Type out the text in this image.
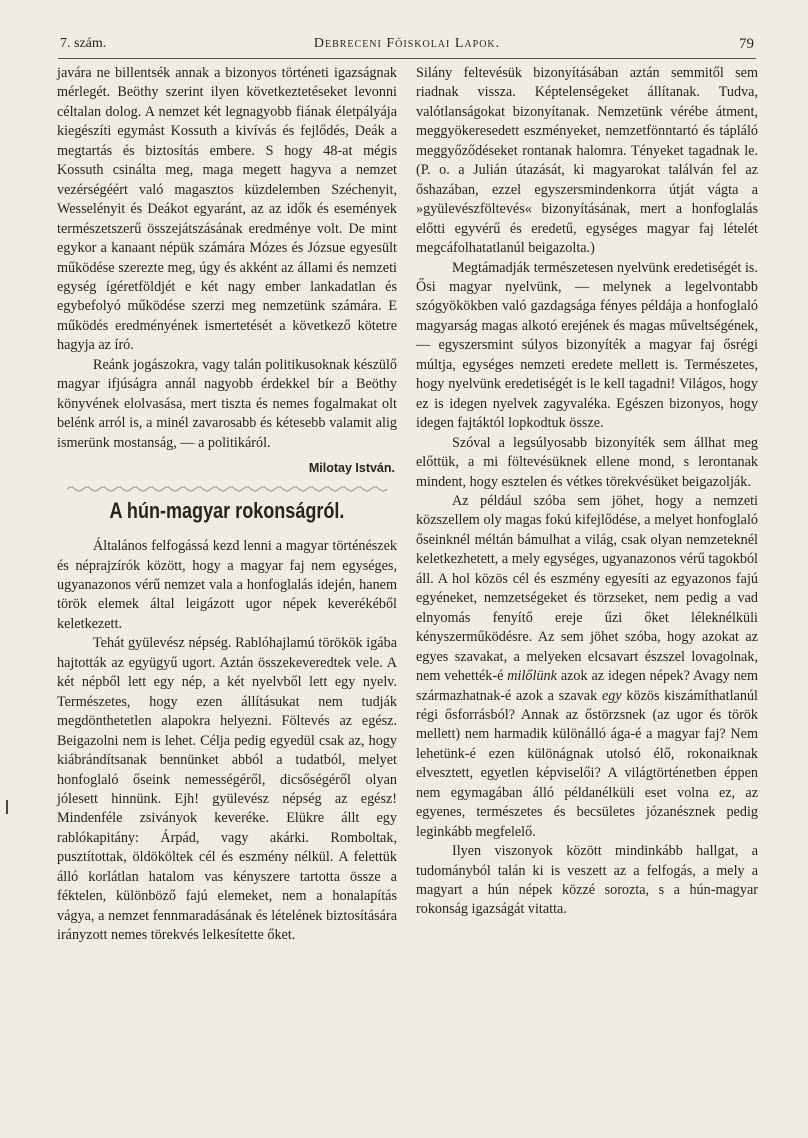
7. szám.	Debreceni Főiskolai Lapok.	79

javára ne billentsék annak a bizonyos történeti igazságnak mérlegét. Beöthy szerint ilyen következtetéseket levonni céltalan dolog. A nemzet két legnagyobb fiának életpályája kiegészíti egymást Kossuth a kivívás és fejlődés, Deák a megtartás és biztosítás embere. S hogy 48-at mégis Kossuth csinálta meg, maga megett hagyva a nemzet vezérségéért való magasztos küzdelemben Széchenyit, Wesselényit és Deákot egyaránt, az az idők és események természetszerű összejátszásának eredménye volt. De mint egykor a kanaant népük számára Mózes és Józsue egyesült működése szerezte meg, úgy és akként az állami és nemzeti egység ígéretföldjét e két nagy ember lankadatlan és egybefolyó működése szerzi meg nemzetünk számára. E működés eredményének ismertetését a következő kötetre hagyja az író.

Reánk jogászokra, vagy talán politikusoknak készülő magyar ifjúságra annál nagyobb érdekkel bír a Beöthy könyvének elolvasása, mert tiszta és nemes fogalmakat olt belénk arról is, a minél zavarosabb és kétesebb valamit alig ismerünk mostanság, — a politikáról.

Milotay István.
A hún-magyar rokonságról.

Általános felfogássá kezd lenni a magyar történészek és néprajzírók között, hogy a magyar faj nem egységes, ugyanazonos vérű nemzet vala a honfoglalás idején, hanem török elemek által leigázott ugor népek keverékéből keletkezett.

Tehát gyülevész népség. Rablóhajlamú törökök igába hajtották az együgyű ugort. Aztán összekeveredtek vele. A két népből lett egy nép, a két nyelvből lett egy nyelv. Természetes, hogy ezen állításukat nem tudják megdönthetetlen alapokra helyezni. Föltevés az egész. Beigazolni nem is lehet. Célja pedig egyedül csak az, hogy kiábrándítsanak bennünket abból a tudatból, melyet honfoglaló őseink nemességéről, dicsőségéről olyan jólesett hinnünk. Ejh! gyülevész népség az egész! Mindenféle zsiványok keveréke. Elükre állt egy rablókapitány: Árpád, vagy akárki. Romboltak, pusztítottak, öldököltek cél és eszmény nélkül. A felettük álló korlátlan hatalom vas kényszere tartotta össze a féktelen, különböző fajú elemeket, nem a honalapítás vágya, a nemzet fennmaradásának és lételének biztosítására irányzott nemes törekvés lelkesítette őket.

Silány feltevésük bizonyításában aztán semmitől sem riadnak vissza. Képtelenségeket állítanak. Tudva, valótlanságokat bizonyítanak. Nemzetünk vérébe átment, meggyökeresedett eszményeket, nemzetfönntartó és tápláló meggyőződéseket rontanak halomra. Tényeket tagadnak le. (P. o. a Julián útazását, ki magyarokat találván fel az őshazában, ezzel egyszersmindenkorra útját vágta a »gyülevészföltevés« bizonyításának, mert a honfoglalás előtti egyvérű és eredetű, egységes magyar faj lételét megcáfolhatatlanúl beigazolta.)

Megtámadják természetesen nyelvünk eredetiségét is. Ősi magyar nyelvünk, — melynek a legelvontabb szógyökökben való gazdagsága fényes példája a honfoglaló magyarság magas alkotó erejének és magas műveltségének, — egyszersmint súlyos bizonyíték a magyar faj ősrégi múltja, egységes nemzeti eredete mellett is. Természetes, hogy nyelvünk eredetiségét is le kell tagadni! Világos, hogy ez is idegen nyelvek zagyvaléka. Egészen bizonyos, hogy idegen fajtáktól lopkodtuk össze.

Szóval a legsúlyosabb bizonyíték sem állhat meg előttük, a mi föltevésüknek ellene mond, s lerontanak mindent, hogy esztelen és vétkes törekvésüket beigazolják.

Az például szóba sem jöhet, hogy a nemzeti közszellem oly magas fokú kifejlődése, a melyet honfoglaló őseinknél méltán bámulhat a világ, csak olyan nemzeteknél keletkezhetett, a mely egységes, ugyanazonos vérű tagokból áll. A hol közös cél és eszmény egyesíti az egyazonos fajú egyéneket, nemzetségeket és törzseket, nem pedig a vad elnyomás fenyítő ereje űzi őket léleknélküli kényszerműködésre. Az sem jöhet szóba, hogy azokat az egyes szavakat, a melyeken elcsavart észszel lovagolnak, nem vehették-é milőlünk azok az idegen népek? Avagy nem származhatnak-é azok a szavak egy közös kiszámíthatlanúl régi ősforrásból? Annak az őstörzsnek (az ugor és török mellett) nem harmadik különálló ága-é a magyar faj? Nem lehetünk-é ezen különágnak utolsó élő, rokonaiknak elvesztett, egyetlen képviselői? A világtörténetben éppen nem egymagában álló példanélküli eset volna ez, az egyenes, természetes és becsületes józanésznek pedig leginkább megfelelő.

Ilyen viszonyok között mindinkább hallgat, a tudományból talán ki is veszett az a felfogás, a mely a magyart a hún népek közzé sorozta, s a hún-magyar rokonság igazságát vitatta.
